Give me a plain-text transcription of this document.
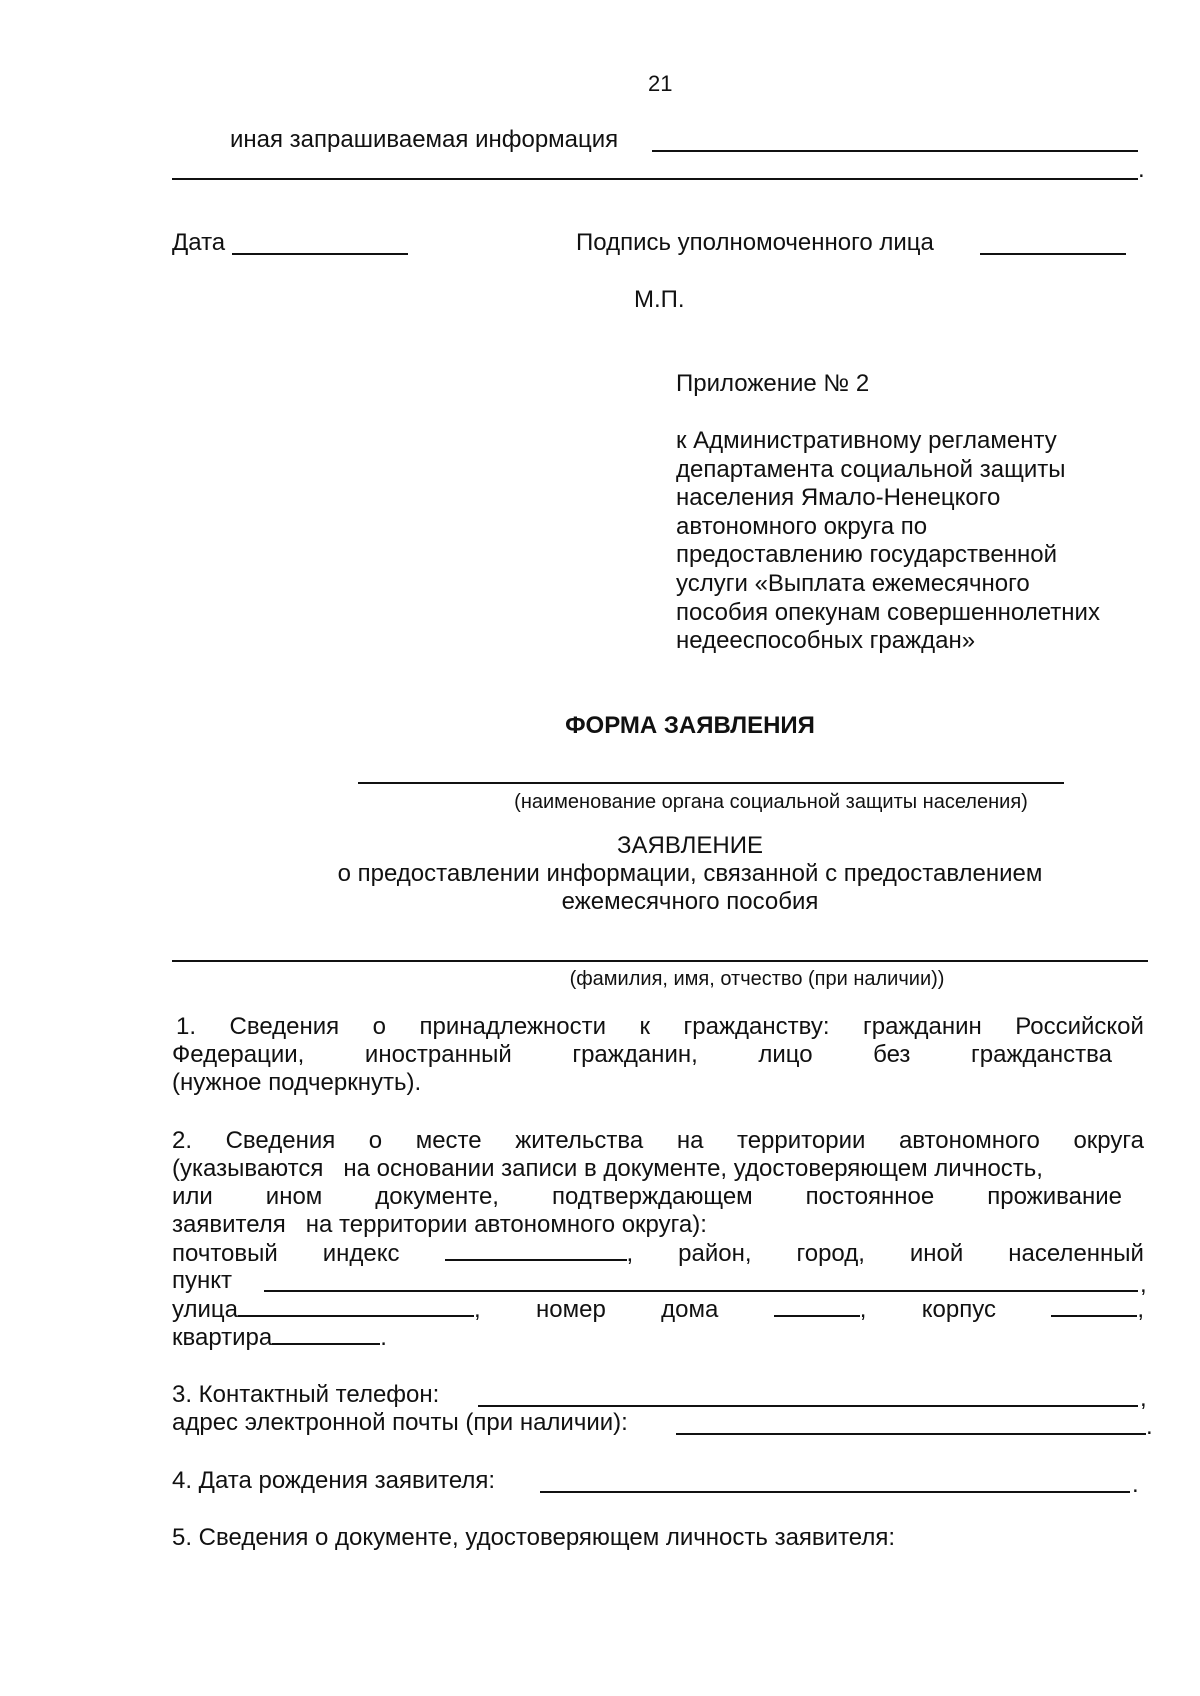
21
иная запрашиваемая информация
.
Дата	Подпись уполномоченного лица
М.П.
Приложение № 2
к Административному регламенту
департамента социальной защиты
населения Ямало-Ненецкого
автономного округа по
предоставлению государственной
услуги «Выплата ежемесячного
пособия опекунам совершеннолетних
недееспособных граждан»
ФОРМА ЗАЯВЛЕНИЯ
(наименование органа социальной защиты населения)
ЗАЯВЛЕНИЕ
о предоставлении информации, связанной с предоставлением
ежемесячного пособия
(фамилия, имя, отчество (при наличии))
1. Сведения о принадлежности к гражданству: гражданин Российской
Федерации,	иностранный	гражданин,	лицо	без	гражданства
(нужное подчеркнуть).
2. Сведения о месте жительства на территории автономного округа
(указываются   на основании записи в документе, удостоверяющем личность,
или ином документе, подтверждающем постоянное проживание
заявителя   на территории автономного округа):
почтовый индекс	, район, город, иной населенный
пункт	,
улица	, номер дома	, корпус	,
квартира	.
3. Контактный телефон:	,
адрес электронной почты (при наличии):	.
4. Дата рождения заявителя:	.
5. Сведения о документе, удостоверяющем личность заявителя:
